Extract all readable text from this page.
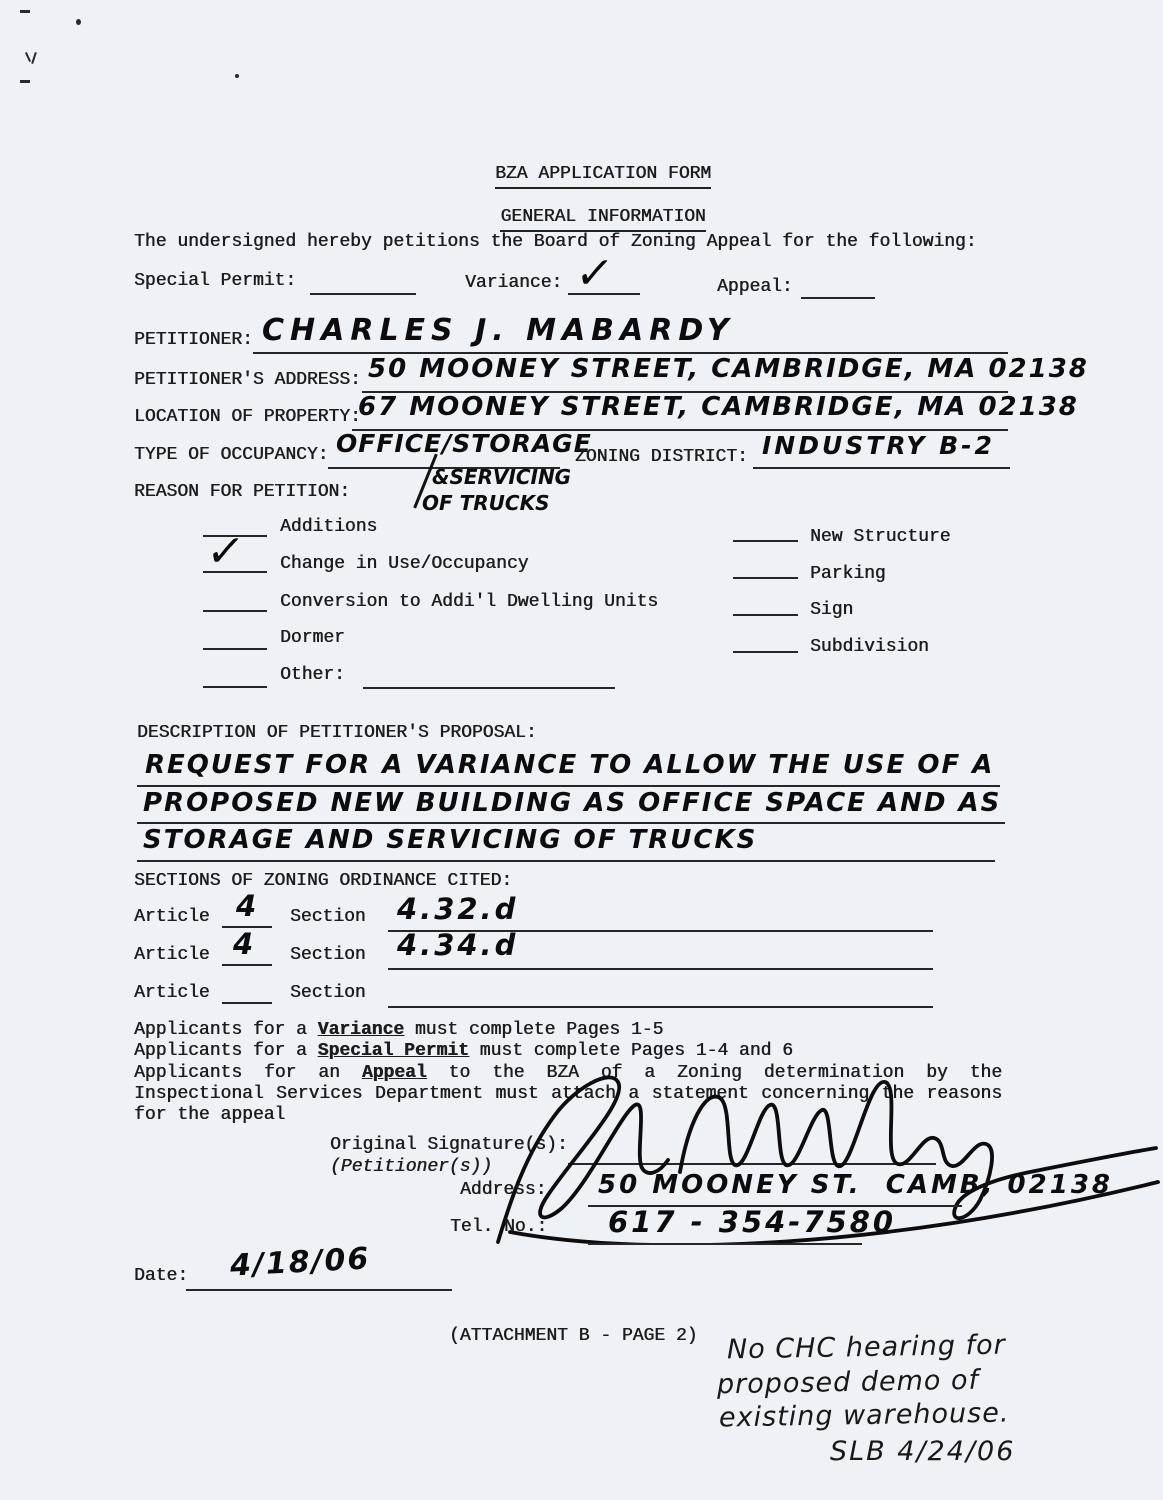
BZA APPLICATION FORM

GENERAL INFORMATION

The undersigned hereby petitions the Board of Zoning Appeal for the following:
Special Permit:	Variance: ✓	Appeal:
PETITIONER: CHARLES J. MABARDY
PETITIONER'S ADDRESS: 50 MOONEY STREET, CAMBRIDGE, MA 02138
LOCATION OF PROPERTY:
67 MOONEY STREET, CAMBRIDGE, MA 02138
TYPE OF OCCUPANCY: OFFICE/STORAGE
&SERVICING
OF TRUCKS
ZONING DISTRICT: INDUSTRY B-2
REASON FOR PETITION:
Additions
✓ Change in Use/Occupancy
Conversion to Addi'l Dwelling Units
Dormer
Other:
New Structure
Parking
Sign
Subdivision
DESCRIPTION OF PETITIONER'S PROPOSAL:
REQUEST FOR A VARIANCE TO ALLOW THE USE OF A
PROPOSED NEW BUILDING AS OFFICE SPACE AND AS
STORAGE AND SERVICING OF TRUCKS
SECTIONS OF ZONING ORDINANCE CITED:
Article 4 Section 4.32.d
Article 4 Section 4.34.d
Article	Section
Applicants for a Variance must complete Pages 1-5
Applicants for a Special Permit must complete Pages 1-4 and 6
Applicants for an Appeal to the BZA of a Zoning determination by the
Inspectional Services Department must attach a statement concerning the reasons
for the appeal
Original Signature(s):
(Petitioner(s))
Address: 50 MOONEY ST.  CAMB, 02138
Tel. No.: 617 - 354-7580
Date: 4/18/06
(ATTACHMENT B - PAGE 2) No CHC hearing for
proposed demo of
existing warehouse.
SLB 4/24/06
